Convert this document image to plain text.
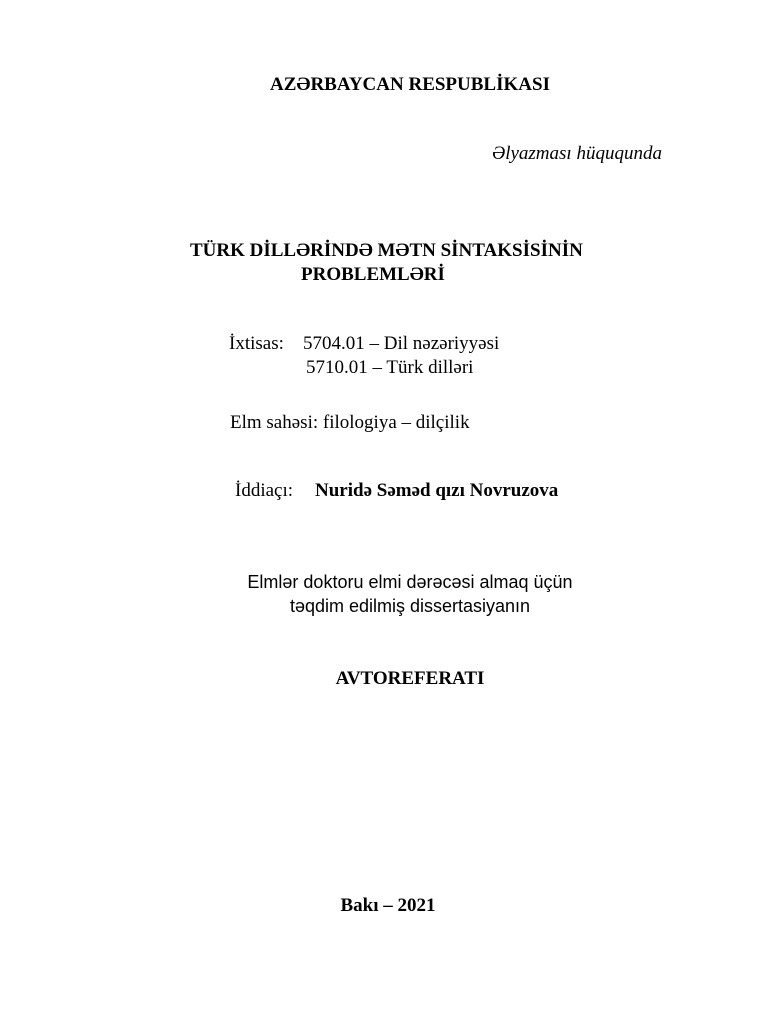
AZƏRBAYCAN RESPUBLİKASI
Əlyazması hüququnda
TÜRK DİLLƏRİNDƏ MƏTN SİNTAKSİSİNİN
PROBLEMLƏRİ
İxtisas: 5704.01 – Dil nəzəriyyəsi
5710.01 – Türk dilləri
Elm sahəsi: filologiya – dilçilik
İddiaçı: Nuridə Səməd qızı Novruzova
Elmlər doktoru elmi dərəcəsi almaq üçün
təqdim edilmiş dissertasiyanın
AVTOREFERATI
Bakı – 2021
